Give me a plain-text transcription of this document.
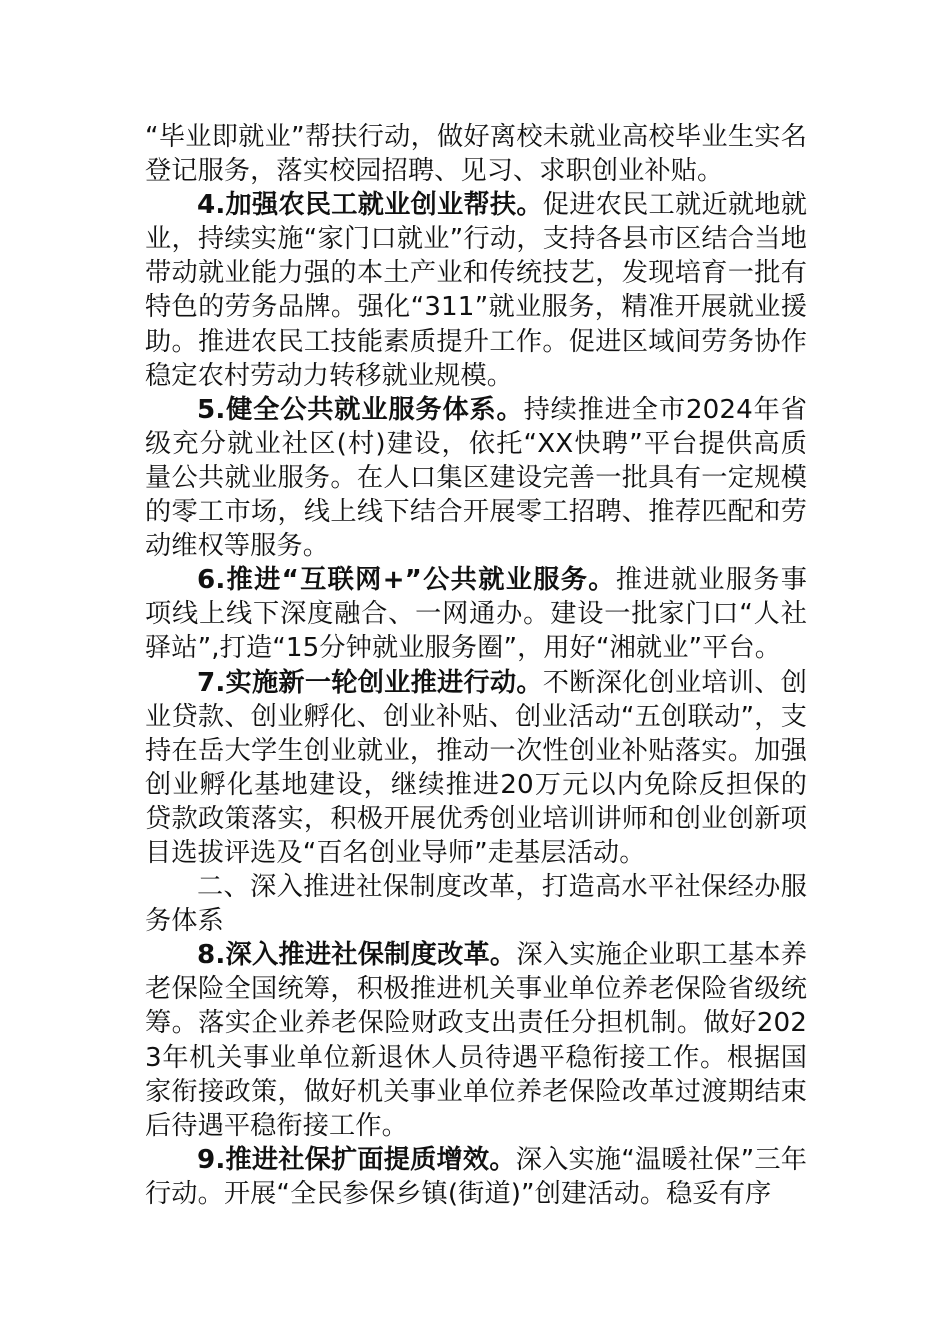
“毕业即就业”帮扶行动，做好离校未就业高校毕业生实名登记服务，落实校园招聘、见习、求职创业补贴。

4.加强农民工就业创业帮扶。促进农民工就近就地就业，持续实施“家门口就业”行动，支持各县市区结合当地带动就业能力强的本土产业和传统技艺，发现培育一批有特色的劳务品牌。强化“311”就业服务，精准开展就业援助。推进农民工技能素质提升工作。促进区域间劳务协作稳定农村劳动力转移就业规模。

5.健全公共就业服务体系。持续推进全市2024年省级充分就业社区(村)建设，依托“XX快聘”平台提供高质量公共就业服务。在人口集区建设完善一批具有一定规模的零工市场，线上线下结合开展零工招聘、推荐匹配和劳动维权等服务。

6.推进“互联网+”公共就业服务。推进就业服务事项线上线下深度融合、一网通办。建设一批家门口“人社驿站”,打造“15分钟就业服务圈”，用好“湘就业”平台。

7.实施新一轮创业推进行动。不断深化创业培训、创业贷款、创业孵化、创业补贴、创业活动“五创联动”，支持在岳大学生创业就业，推动一次性创业补贴落实。加强创业孵化基地建设，继续推进20万元以内免除反担保的贷款政策落实，积极开展优秀创业培训讲师和创业创新项目选拔评选及“百名创业导师”走基层活动。

二、深入推进社保制度改革，打造高水平社保经办服务体系

8.深入推进社保制度改革。深入实施企业职工基本养老保险全国统筹，积极推进机关事业单位养老保险省级统筹。落实企业养老保险财政支出责任分担机制。做好2023年机关事业单位新退休人员待遇平稳衔接工作。根据国家衔接政策，做好机关事业单位养老保险改革过渡期结束后待遇平稳衔接工作。

9.推进社保扩面提质增效。深入实施“温暖社保”三年行动。开展“全民参保乡镇(街道)”创建活动。稳妥有序
